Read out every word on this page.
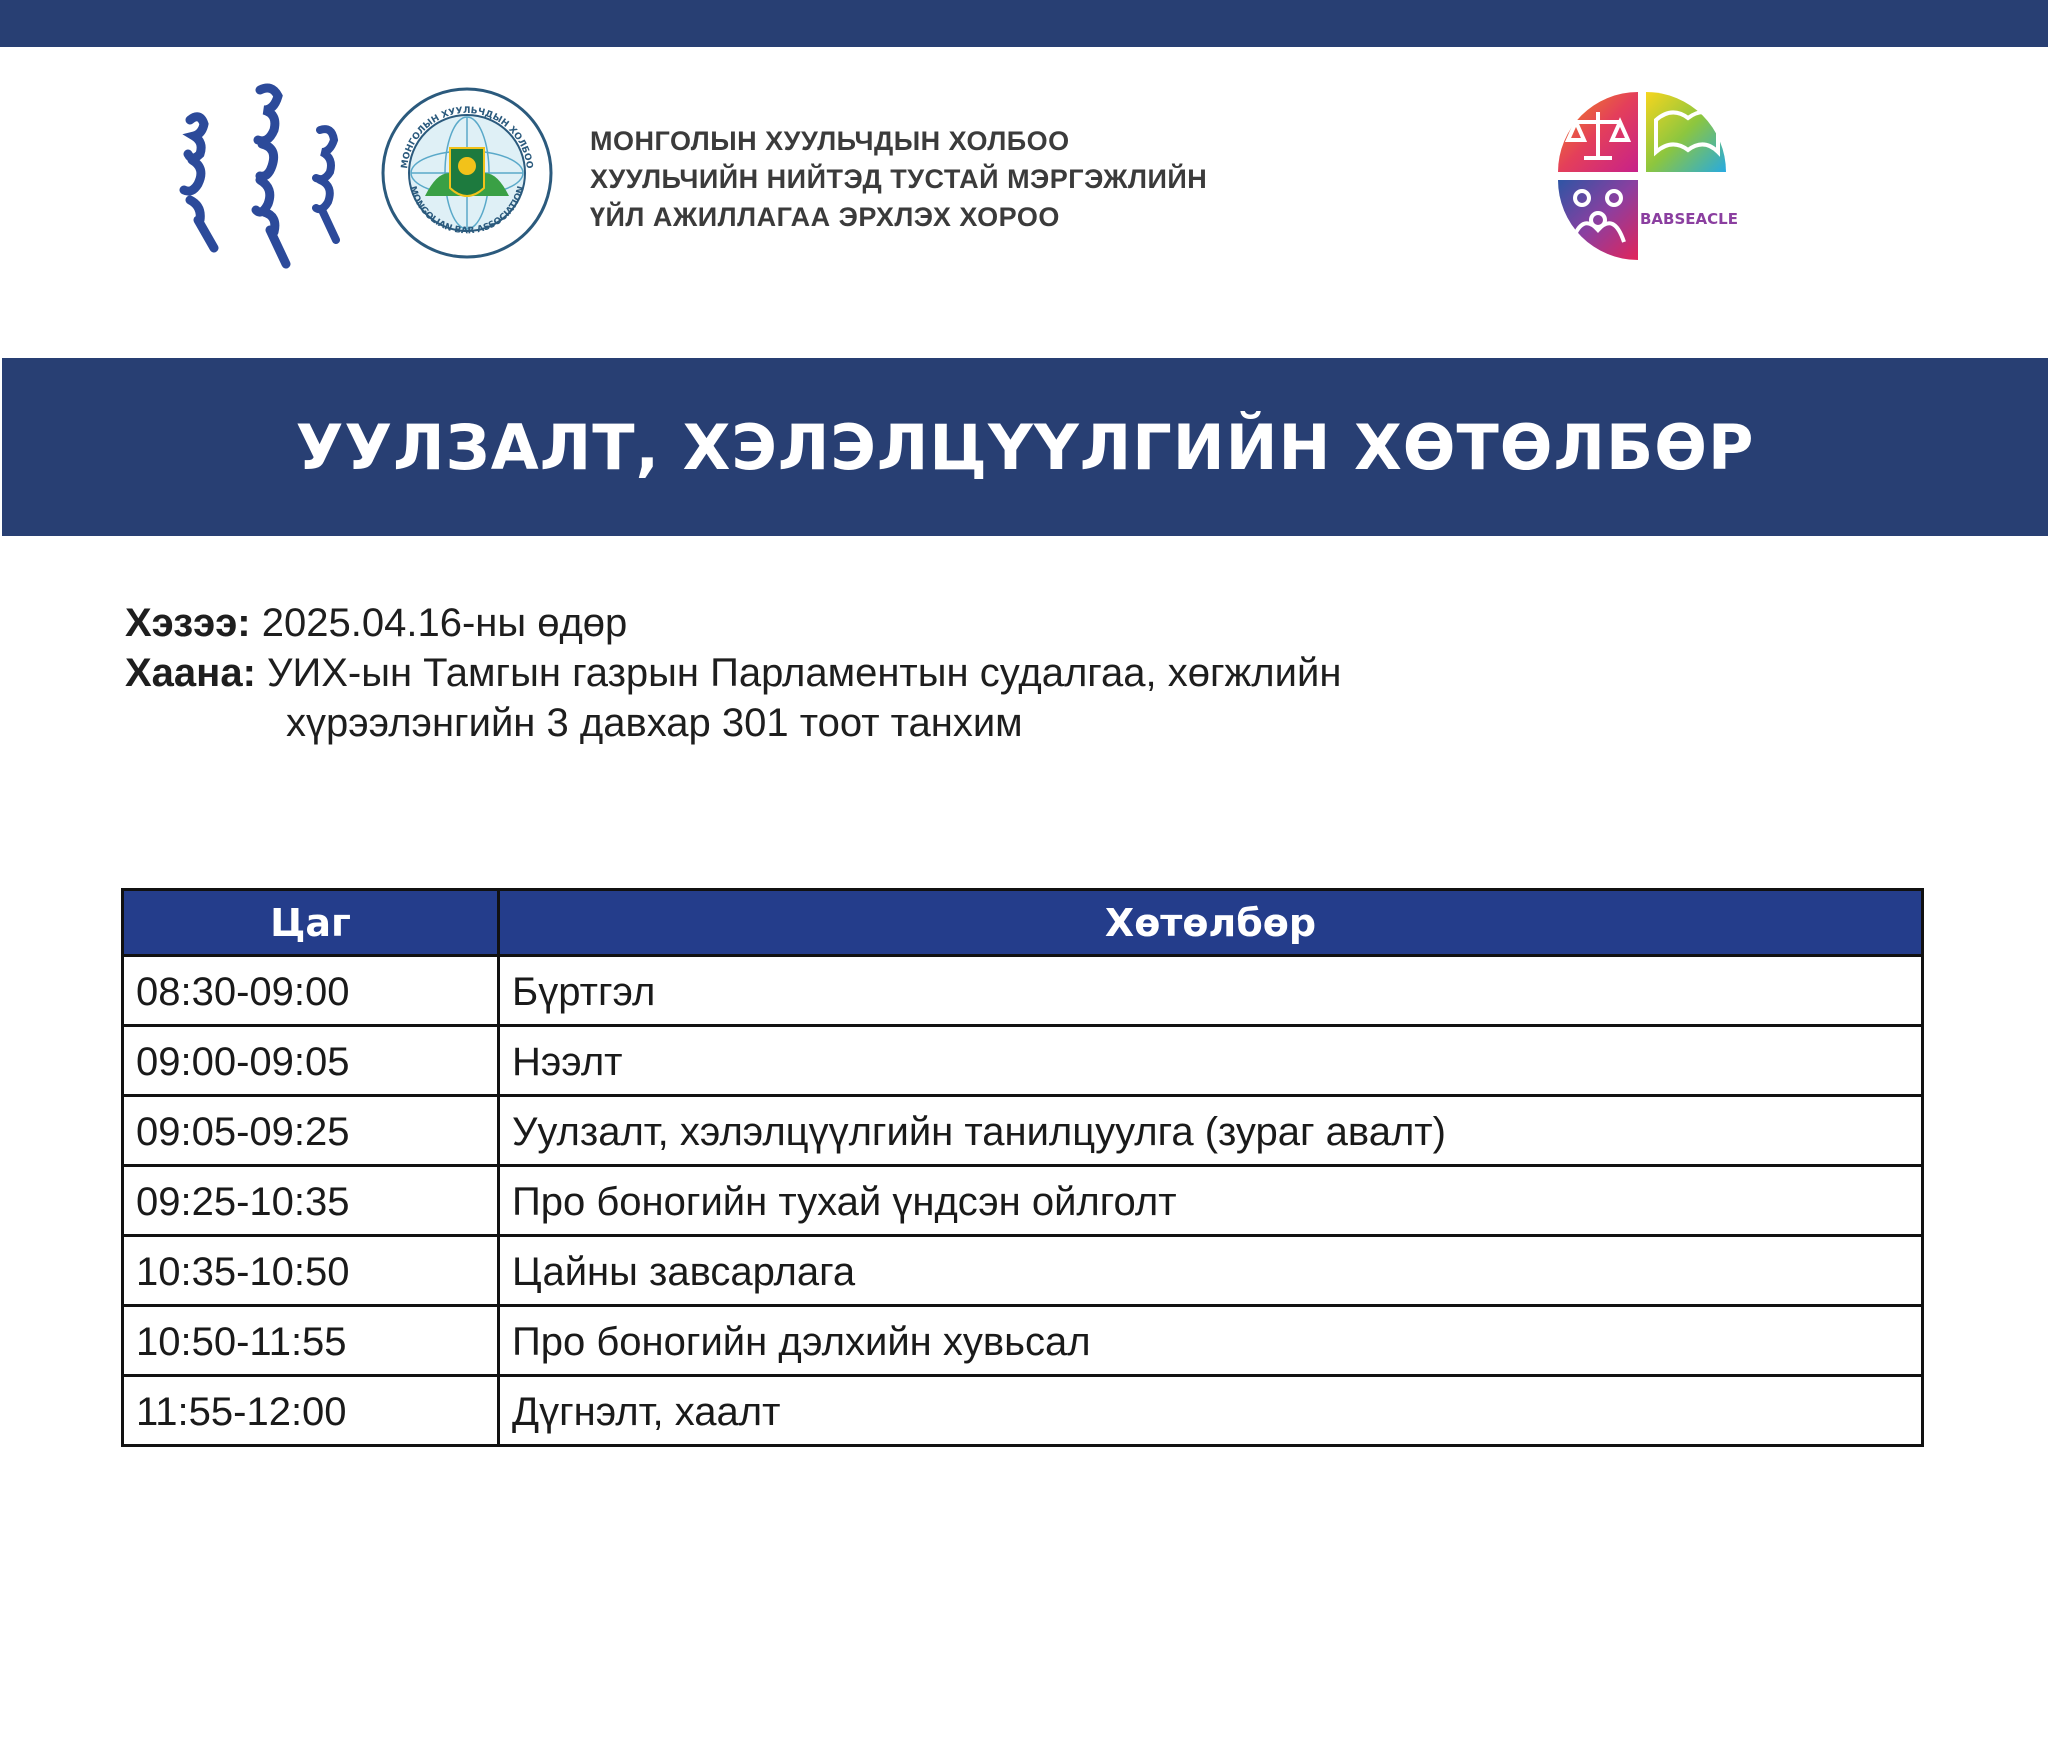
МОНГОЛЫН ХУУЛЬЧДЫН ХОЛБОО
MONGOLIAN BAR ASSOCIATION
МОНГОЛЫН ХУУЛЬЧДЫН ХОЛБОО
ХУУЛЬЧИЙН НИЙТЭД ТУСТАЙ МЭРГЭЖЛИЙН
ҮЙЛ АЖИЛЛАГАА ЭРХЛЭХ ХОРОО	BABSEACLE
УУЛЗАЛТ, ХЭЛЭЛЦҮҮЛГИЙН ХӨТӨЛБӨР
Хэзээ: 2025.04.16-ны өдөр
Хаана: УИХ-ын Тамгын газрын Парламентын судалгаа, хөгжлийн
хүрээлэнгийн 3 давхар 301 тоот танхим
Цаг	Хөтөлбөр
08:30-09:00	Бүртгэл
09:00-09:05	Нээлт
09:05-09:25	Уулзалт, хэлэлцүүлгийн танилцуулга (зураг авалт)
09:25-10:35	Про боногийн тухай үндсэн ойлголт
10:35-10:50	Цайны завсарлага
10:50-11:55	Про боногийн дэлхийн хувьсал
11:55-12:00	Дүгнэлт, хаалт
